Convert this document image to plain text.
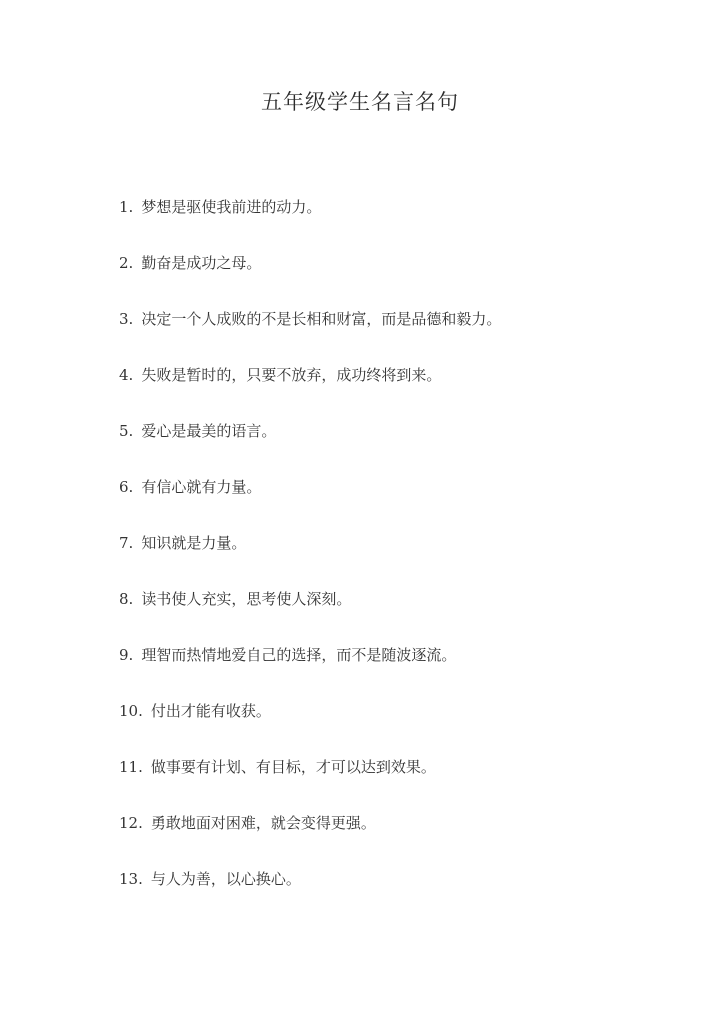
五年级学生名言名句
1. 梦想是驱使我前进的动力。
2. 勤奋是成功之母。
3. 决定一个人成败的不是长相和财富，而是品德和毅力。
4. 失败是暂时的，只要不放弃，成功终将到来。
5. 爱心是最美的语言。
6. 有信心就有力量。
7. 知识就是力量。
8. 读书使人充实，思考使人深刻。
9. 理智而热情地爱自己的选择，而不是随波逐流。
10. 付出才能有收获。
11. 做事要有计划、有目标，才可以达到效果。
12. 勇敢地面对困难，就会变得更强。
13. 与人为善，以心换心。
